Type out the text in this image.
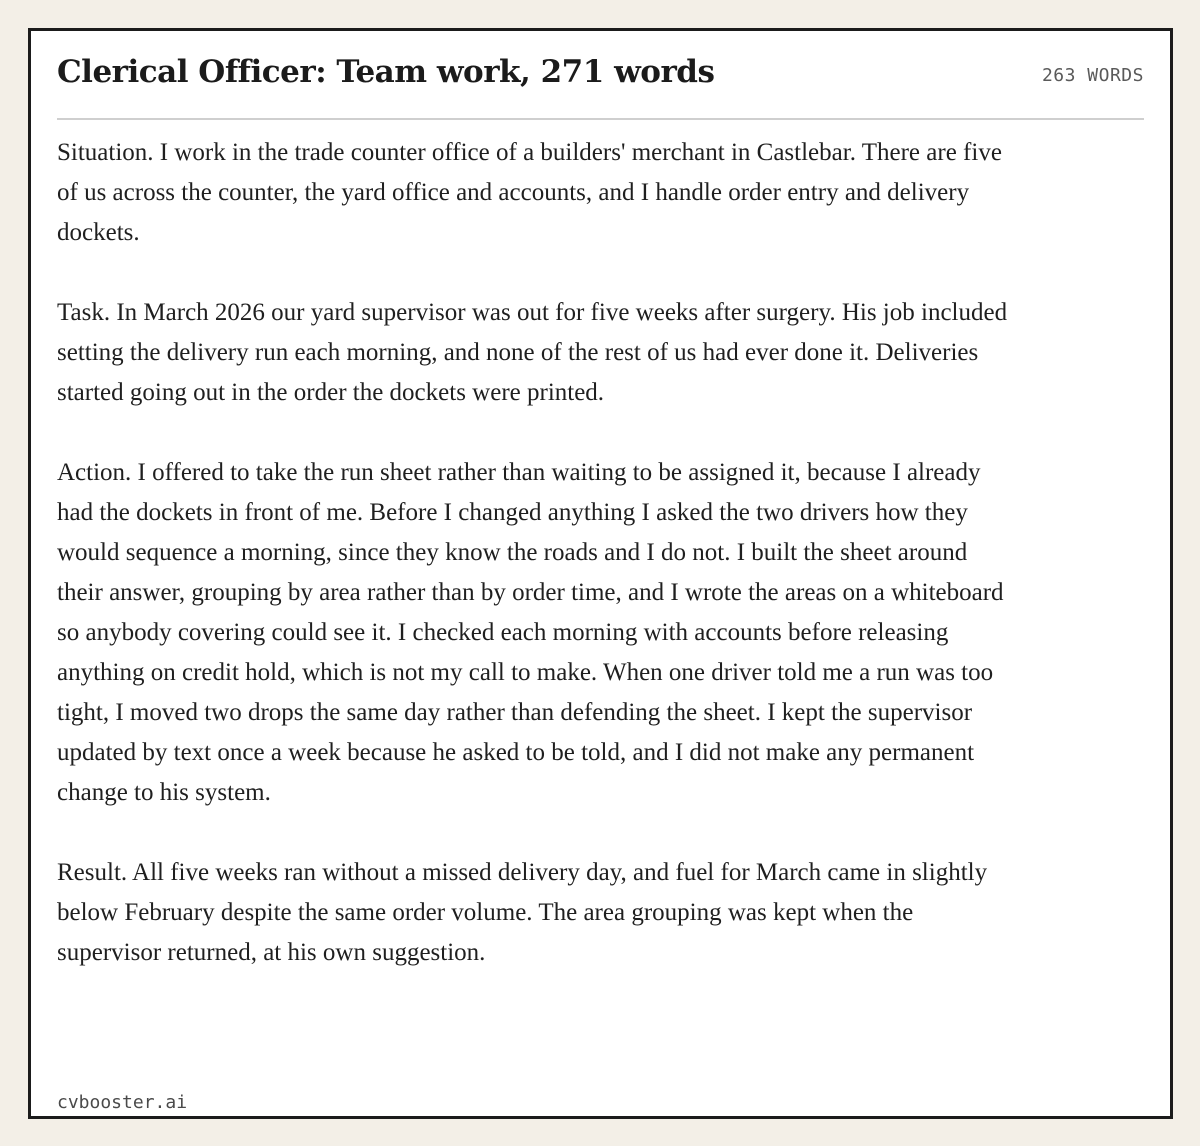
Clerical Officer: Team work, 271 words	263 WORDS

Situation. I work in the trade counter office of a builders' merchant in Castlebar. There are five of us across the counter, the yard office and accounts, and I handle order entry and delivery dockets.

Task. In March 2026 our yard supervisor was out for five weeks after surgery. His job included setting the delivery run each morning, and none of the rest of us had ever done it. Deliveries started going out in the order the dockets were printed.

Action. I offered to take the run sheet rather than waiting to be assigned it, because I already had the dockets in front of me. Before I changed anything I asked the two drivers how they would sequence a morning, since they know the roads and I do not. I built the sheet around their answer, grouping by area rather than by order time, and I wrote the areas on a whiteboard so anybody covering could see it. I checked each morning with accounts before releasing anything on credit hold, which is not my call to make. When one driver told me a run was too tight, I moved two drops the same day rather than defending the sheet. I kept the supervisor updated by text once a week because he asked to be told, and I did not make any permanent change to his system.

Result. All five weeks ran without a missed delivery day, and fuel for March came in slightly below February despite the same order volume. The area grouping was kept when the supervisor returned, at his own suggestion.

cvbooster.ai
